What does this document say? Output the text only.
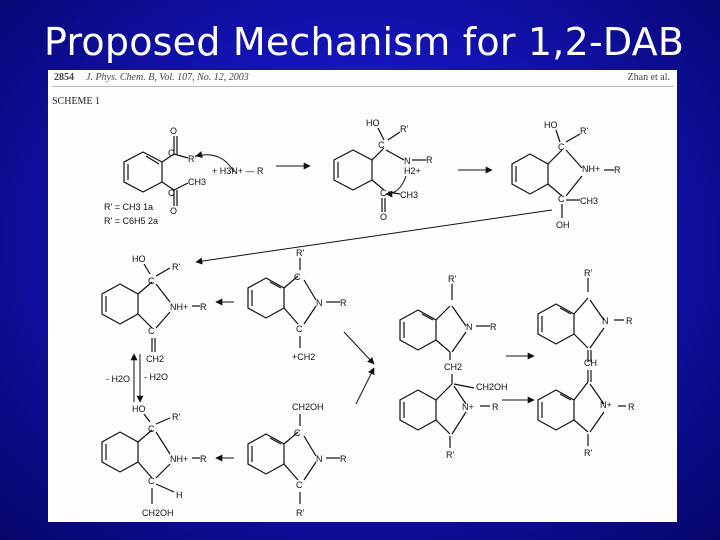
Proposed Mechanism for 1,2-DAB
2854 J. Phys. Chem. B, Vol. 107, No. 12, 2003	Zhan et al.
SCHEME 1
O
R'
CH3
O
C
C
R' = CH3 1a
R' = C6H5 2a
+ H3N+ — R
C
HO
R'
N R
H2+
C CH3
O
C
HO
R'
NH+ R
C CH3
OH
C
HO
R'
NH+ R
C
CH2
C
R'
N R
C
+CH2
R'
N R
CH2
R'
N R
CH
CH2OH
N+ R
R'
N+ R
R'
- H2O - H2O
C
HO
R'
NH+ R
C
H
CH2OH
C
CH2OH
N R
C
R'
